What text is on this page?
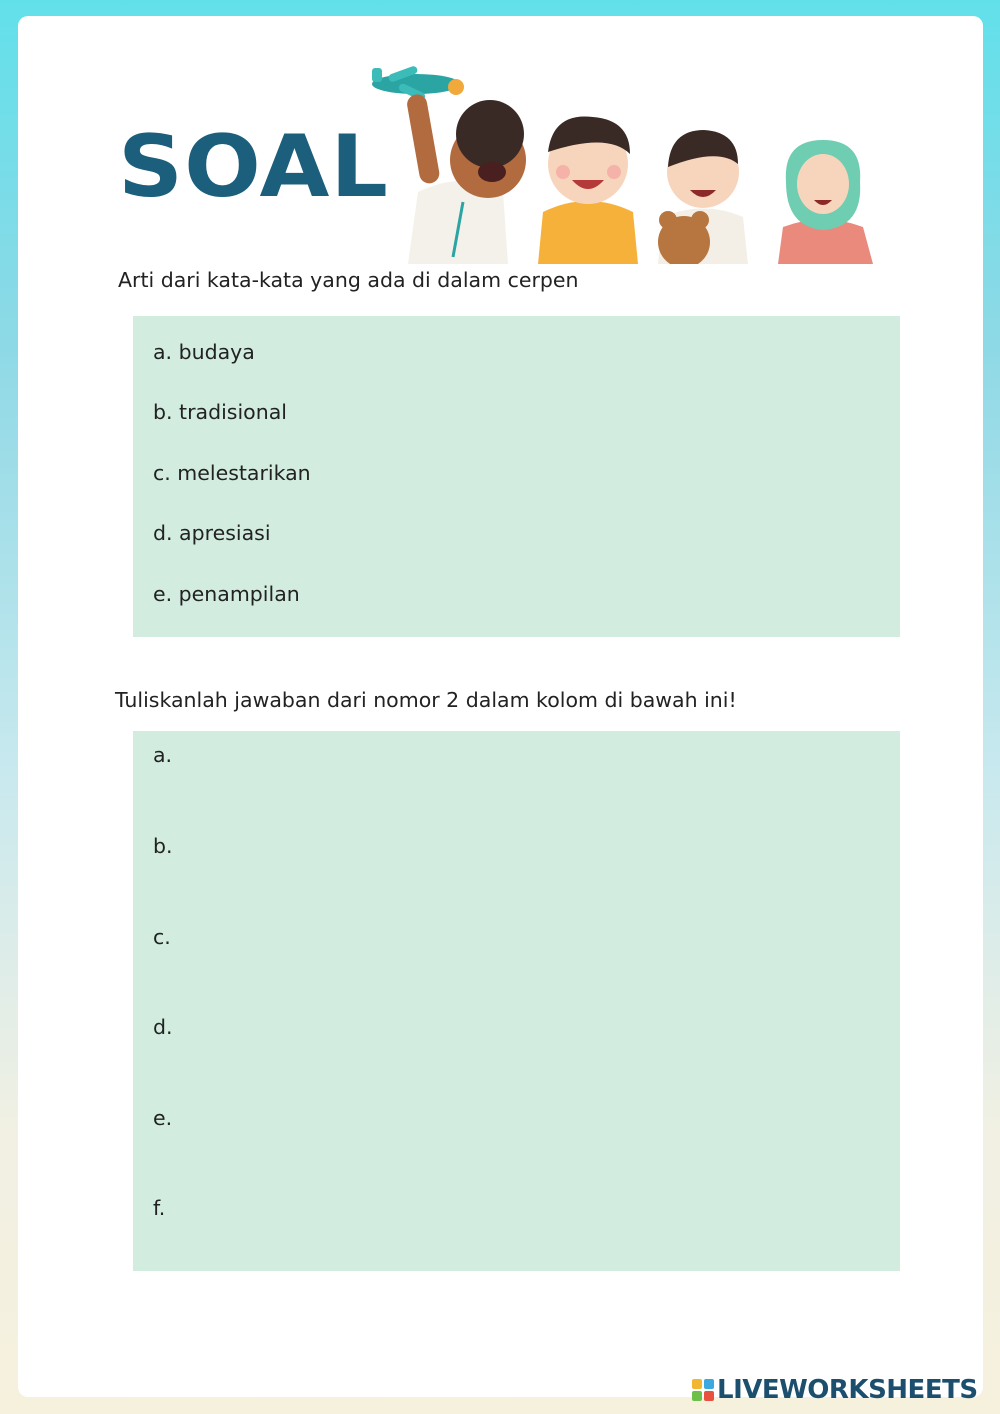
SOAL

Arti dari kata-kata yang ada di dalam cerpen

a. budaya

b. tradisional

c. melestarikan

d. apresiasi

e. penampilan

Tuliskanlah jawaban dari nomor 2 dalam kolom di bawah ini!

a.

b.

c.

d.

e.

f.

LIVEWORKSHEETS
